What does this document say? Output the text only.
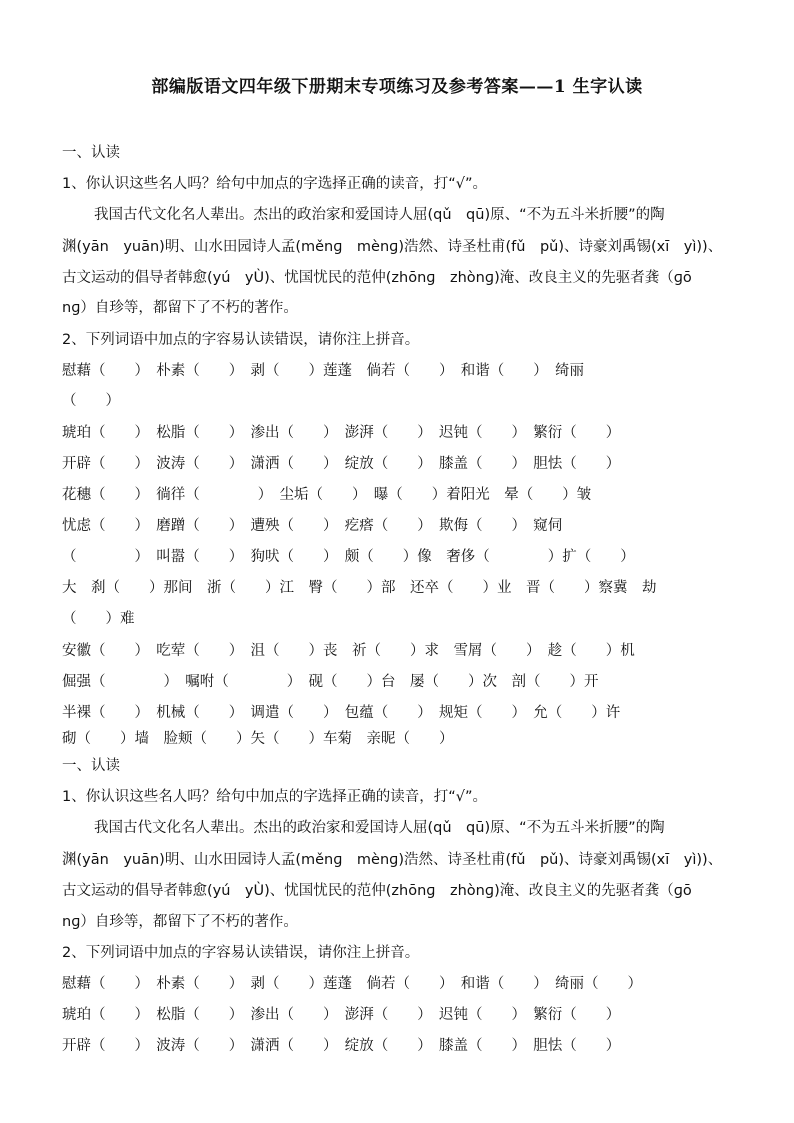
部编版语文四年级下册期末专项练习及参考答案——1 生字认读
一、认读
1、你认识这些名人吗？给句中加点的字选择正确的读音，打“√”。
我国古代文化名人辈出。杰出的政治家和爱国诗人屈(qǔ　qū)原、“不为五斗米折腰”的陶
渊(yān　yuān)明、山水田园诗人孟(měnɡ　mènɡ)浩然、诗圣杜甫(fǔ　pǔ)、诗豪刘禹锡(xī　yì))、
古文运动的倡导者韩愈(yú　yÙ)、忧国忧民的范仲(zhōnɡ　zhònɡ)淹、改良主义的先驱者龚（ɡō
nɡ）自珍等，都留下了不朽的著作。
2、下列词语中加点的字容易认读错误，请你注上拼音。
慰藉（　　）　朴素（　　）　剥（　　）莲蓬　倘若（　　）　和谐（　　）　绮丽
（　　）
琥珀（　　）　松脂（　　）　渗出（　　）　澎湃（　　）　迟钝（　　）　繁衍（　　）
开辟（　　）　波涛（　　）　潇洒（　　）　绽放（　　）　膝盖（　　）　胆怯（　　）
花穗（　　）　徜徉（　　　　）　尘垢（　　）　曝（　　）着阳光　晕（　　）皱
忧虑（　　）　磨蹭（　　）　遭殃（　　）　疙瘩（　　）　欺侮（　　）　窥伺
（　　　　）　叫嚣（　　）　狗吠（　　）　颇（　　）像　奢侈（　　　　）扩（　　）
大　刹（　　）那间　浙（　　）江　臀（　　）部　还卒（　　）业　晋（　　）察冀　劫
（　　）难
安徽（　　）　吃荤（　　）　沮（　　）丧　祈（　　）求　雪屑（　　）　趁（　　）机
倔强（　　　　）　嘱咐（　　　　）　砚（　　）台　屡（　　）次　剖（　　）开
半裸（　　）　机械（　　）　调遣（　　）　包蕴（　　）　规矩（　　）　允（　　）许
砌（　　）墙　脸颊（　　）矢（　　）车菊　亲昵（　　）
一、认读
1、你认识这些名人吗？给句中加点的字选择正确的读音，打“√”。
我国古代文化名人辈出。杰出的政治家和爱国诗人屈(qǔ　qū)原、“不为五斗米折腰”的陶
渊(yān　yuān)明、山水田园诗人孟(měnɡ　mènɡ)浩然、诗圣杜甫(fǔ　pǔ)、诗豪刘禹锡(xī　yì))、
古文运动的倡导者韩愈(yú　yÙ)、忧国忧民的范仲(zhōnɡ　zhònɡ)淹、改良主义的先驱者龚（ɡō
nɡ）自珍等，都留下了不朽的著作。
2、下列词语中加点的字容易认读错误，请你注上拼音。
慰藉（　　）　朴素（　　）　剥（　　）莲蓬　倘若（　　）　和谐（　　）　绮丽（　　）
琥珀（　　）　松脂（　　）　渗出（　　）　澎湃（　　）　迟钝（　　）　繁衍（　　）
开辟（　　）　波涛（　　）　潇洒（　　）　绽放（　　）　膝盖（　　）　胆怯（　　）
